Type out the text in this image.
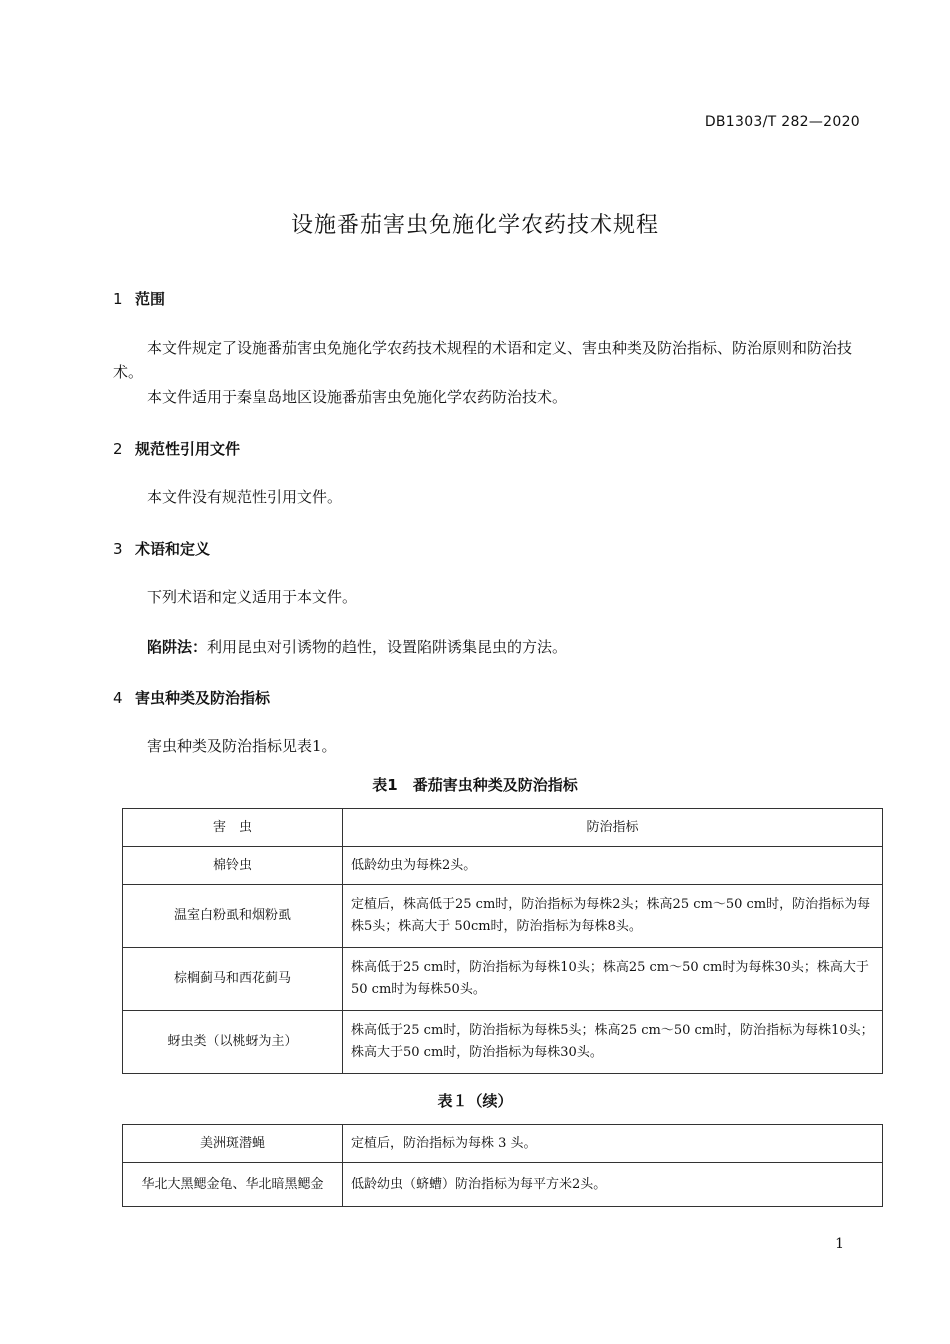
DB1303/T 282—2020
设施番茄害虫免施化学农药技术规程
1 范围
本文件规定了设施番茄害虫免施化学农药技术规程的术语和定义、害虫种类及防治指标、防治原则和防治技术。
本文件适用于秦皇岛地区设施番茄害虫免施化学农药防治技术。
2 规范性引用文件
本文件没有规范性引用文件。
3 术语和定义
下列术语和定义适用于本文件。
陷阱法：利用昆虫对引诱物的趋性，设置陷阱诱集昆虫的方法。
4 害虫种类及防治指标
害虫种类及防治指标见表1。
表1　番茄害虫种类及防治指标
害　虫	防治指标
棉铃虫	低龄幼虫为每株2头。
温室白粉虱和烟粉虱	定植后，株高低于25 cm时，防治指标为每株2头；株高25 cm～50 cm时，防治指标为每株5头；株高大于 50cm时，防治指标为每株8头。
棕榈蓟马和西花蓟马	株高低于25 cm时，防治指标为每株10头；株高25 cm～50 cm时为每株30头；株高大于50 cm时为每株50头。
蚜虫类（以桃蚜为主）	株高低于25 cm时，防治指标为每株5头；株高25 cm～50 cm时，防治指标为每株10头；株高大于50 cm时，防治指标为每株30头。
表１（续）
美洲斑潜蝇	定植后，防治指标为每株 3 头。
华北大黑鳃金龟、华北暗黑鳃金	低龄幼虫（蛴螬）防治指标为每平方米2头。
1
